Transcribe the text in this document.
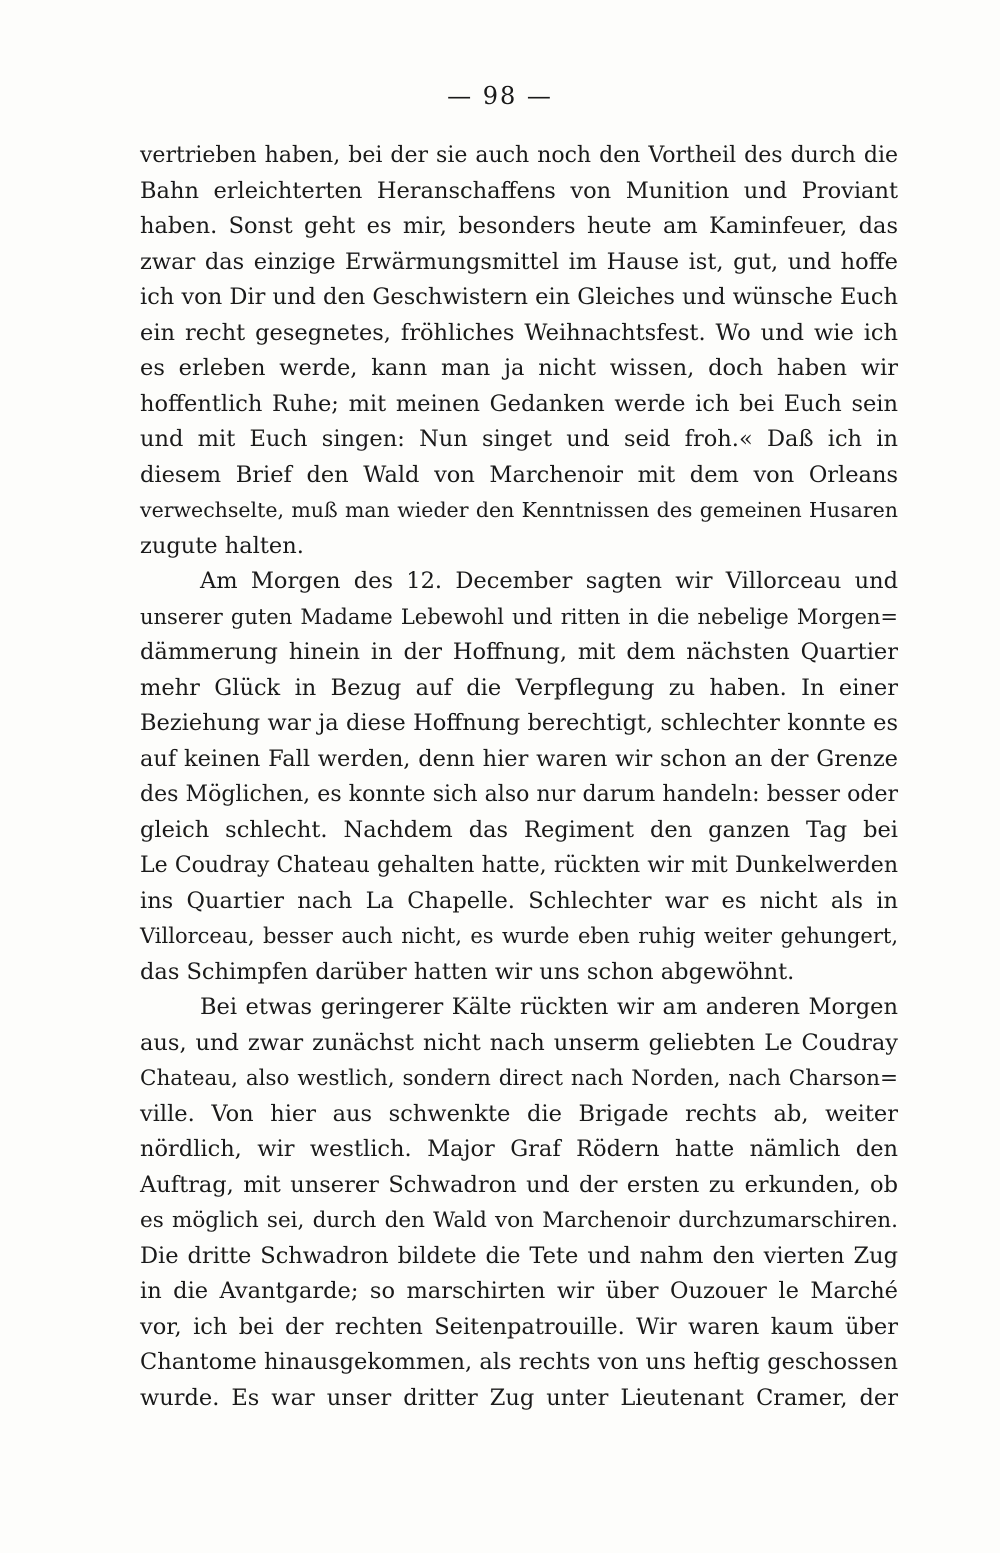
— 98 —
vertrieben haben, bei der sie auch noch den Vortheil des durch die
Bahn erleichterten Heranschaffens von Munition und Proviant
haben. Sonst geht es mir, besonders heute am Kaminfeuer, das
zwar das einzige Erwärmungsmittel im Hause ist, gut, und hoffe
ich von Dir und den Geschwistern ein Gleiches und wünsche Euch
ein recht gesegnetes, fröhliches Weihnachtsfest. Wo und wie ich
es erleben werde, kann man ja nicht wissen, doch haben wir
hoffentlich Ruhe; mit meinen Gedanken werde ich bei Euch sein
und mit Euch singen: Nun singet und seid froh.« Daß ich in
diesem Brief den Wald von Marchenoir mit dem von Orleans
verwechselte, muß man wieder den Kenntnissen des gemeinen Husaren
zugute halten.
Am Morgen des 12. December sagten wir Villorceau und
unserer guten Madame Lebewohl und ritten in die nebelige Morgen=
dämmerung hinein in der Hoffnung, mit dem nächsten Quartier
mehr Glück in Bezug auf die Verpflegung zu haben. In einer
Beziehung war ja diese Hoffnung berechtigt, schlechter konnte es
auf keinen Fall werden, denn hier waren wir schon an der Grenze
des Möglichen, es konnte sich also nur darum handeln: besser oder
gleich schlecht. Nachdem das Regiment den ganzen Tag bei
Le Coudray Chateau gehalten hatte, rückten wir mit Dunkelwerden
ins Quartier nach La Chapelle. Schlechter war es nicht als in
Villorceau, besser auch nicht, es wurde eben ruhig weiter gehungert,
das Schimpfen darüber hatten wir uns schon abgewöhnt.
Bei etwas geringerer Kälte rückten wir am anderen Morgen
aus, und zwar zunächst nicht nach unserm geliebten Le Coudray
Chateau, also westlich, sondern direct nach Norden, nach Charson=
ville. Von hier aus schwenkte die Brigade rechts ab, weiter
nördlich, wir westlich. Major Graf Rödern hatte nämlich den
Auftrag, mit unserer Schwadron und der ersten zu erkunden, ob
es möglich sei, durch den Wald von Marchenoir durchzumarschiren.
Die dritte Schwadron bildete die Tete und nahm den vierten Zug
in die Avantgarde; so marschirten wir über Ouzouer le Marché
vor, ich bei der rechten Seitenpatrouille. Wir waren kaum über
Chantome hinausgekommen, als rechts von uns heftig geschossen
wurde. Es war unser dritter Zug unter Lieutenant Cramer, der
